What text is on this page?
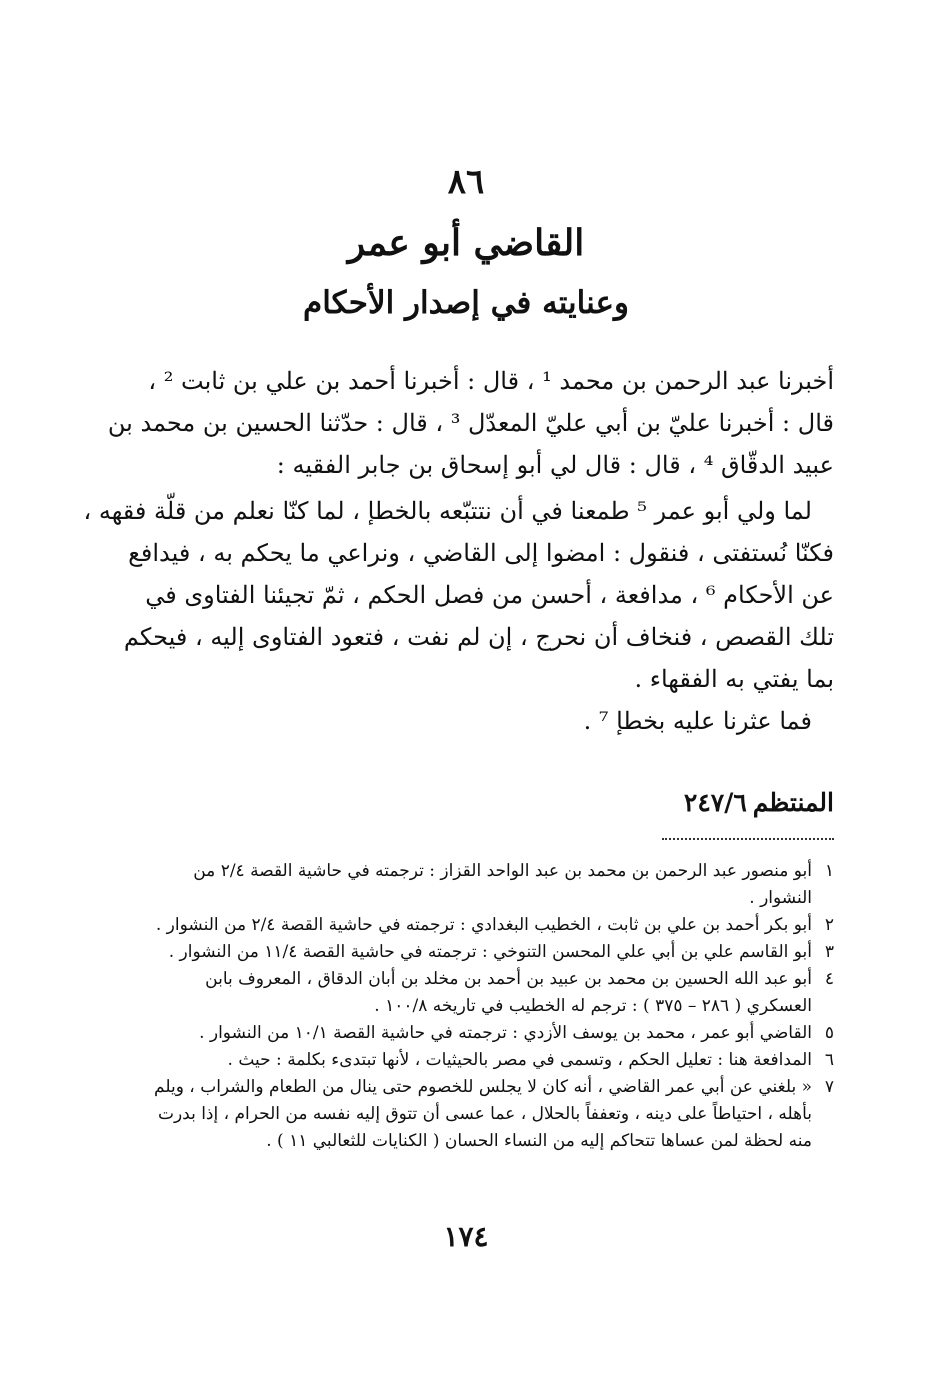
٨٦
القاضي أبو عمر
وعنايته في إصدار الأحكام
أخبرنا عبد الرحمن بن محمد ¹ ، قال : أخبرنا أحمد بن علي بن ثابت ² ،
قال : أخبرنا عليّ بن أبي عليّ المعدّل ³ ، قال : حدّثنا الحسين بن محمد بن
عبيد الدقّاق ⁴ ، قال : قال لي أبو إسحاق بن جابر الفقيه :
لما ولي أبو عمر ⁵ طمعنا في أن نتتبّعه بالخطإ ، لما كنّا نعلم من قلّة فقهه ،
فكنّا نُستفتى ، فنقول : امضوا إلى القاضي ، ونراعي ما يحكم به ، فيدافع
عن الأحكام ⁶ ، مدافعة ، أحسن من فصل الحكم ، ثمّ تجيئنا الفتاوى في
تلك القصص ، فنخاف أن نحرج ، إن لم نفت ، فتعود الفتاوى إليه ، فيحكم
بما يفتي به الفقهاء .
فما عثرنا عليه بخطإ ⁷ .
المنتظم٢٤٧/٦
١
أبو منصور عبد الرحمن بن محمد بن عبد الواحد القزاز : ترجمته في حاشية القصة ٢/٤ من النشوار .
٢
أبو بكر أحمد بن علي بن ثابت ، الخطيب البغدادي : ترجمته في حاشية القصة ٢/٤ من النشوار .
٣
أبو القاسم علي بن أبي علي المحسن التنوخي : ترجمته في حاشية القصة ١١/٤ من النشوار .
٤
أبو عبد الله الحسين بن محمد بن عبيد بن أحمد بن مخلد بن أبان الدقاق ، المعروف بابن العسكري ( ٢٨٦ – ٣٧٥ ) : ترجم له الخطيب في تاريخه ١٠٠/٨ .
٥
القاضي أبو عمر ، محمد بن يوسف الأزدي : ترجمته في حاشية القصة ١٠/١ من النشوار .
٦
المدافعة هنا : تعليل الحكم ، وتسمى في مصر بالحيثيات ، لأنها تبتدىء بكلمة : حيث .
٧
« بلغني عن أبي عمر القاضي ، أنه كان لا يجلس للخصوم حتى ينال من الطعام والشراب ، ويلم بأهله ، احتياطاً على دينه ، وتعففاً بالحلال ، عما عسى أن تتوق إليه نفسه من الحرام ، إذا بدرت منه لحظة لمن عساها تتحاكم إليه من النساء الحسان ( الكنايات للثعالبي ١١ ) .
١٧٤
